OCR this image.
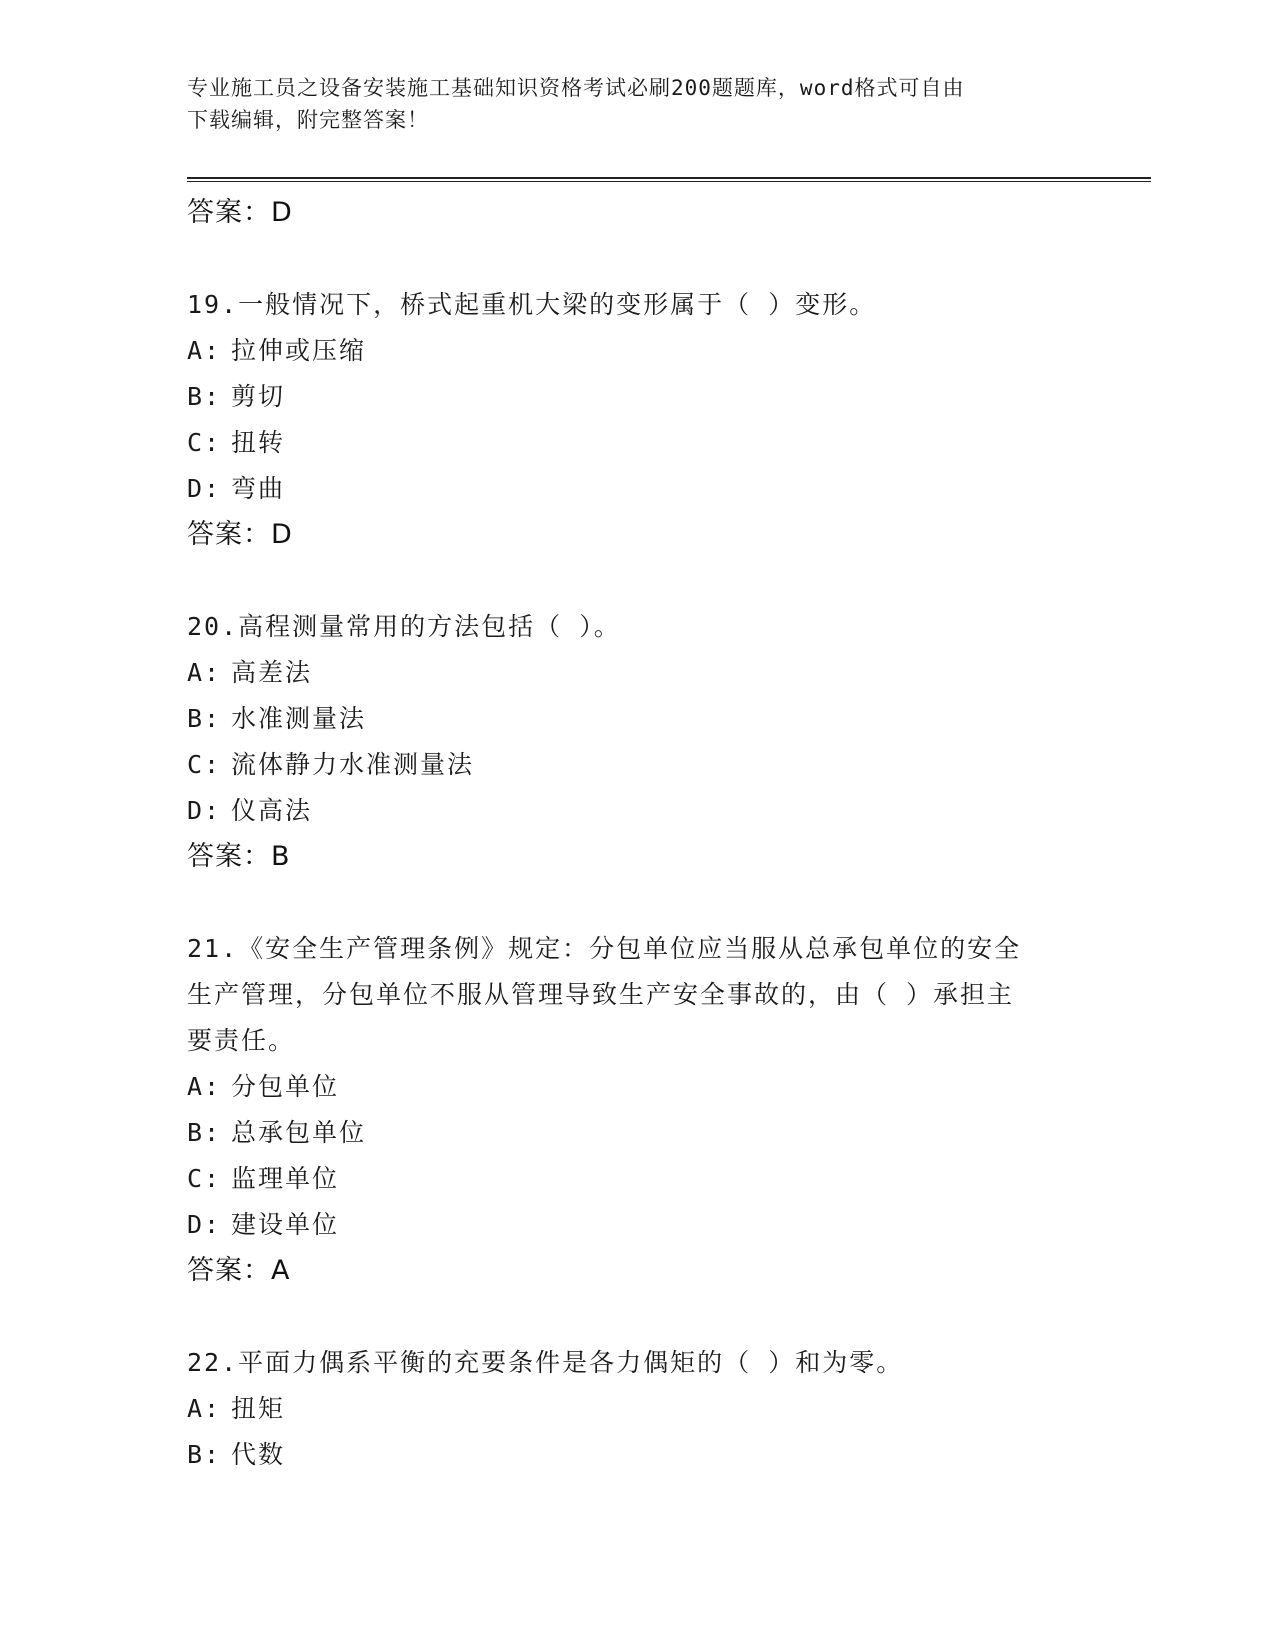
专业施工员之设备安装施工基础知识资格考试必刷200题题库，word格式可自由
下载编辑，附完整答案！
答案：D
19.一般情况下，桥式起重机大梁的变形属于（ ）变形。
A: 拉伸或压缩
B: 剪切
C: 扭转
D: 弯曲
答案：D
20.高程测量常用的方法包括（ ）。
A: 高差法
B: 水准测量法
C: 流体静力水准测量法
D: 仪高法
答案：B
21.《安全生产管理条例》规定：分包单位应当服从总承包单位的安全
生产管理，分包单位不服从管理导致生产安全事故的，由（ ）承担主
要责任。
A: 分包单位
B: 总承包单位
C: 监理单位
D: 建设单位
答案：A
22.平面力偶系平衡的充要条件是各力偶矩的（ ）和为零。
A: 扭矩
B: 代数
